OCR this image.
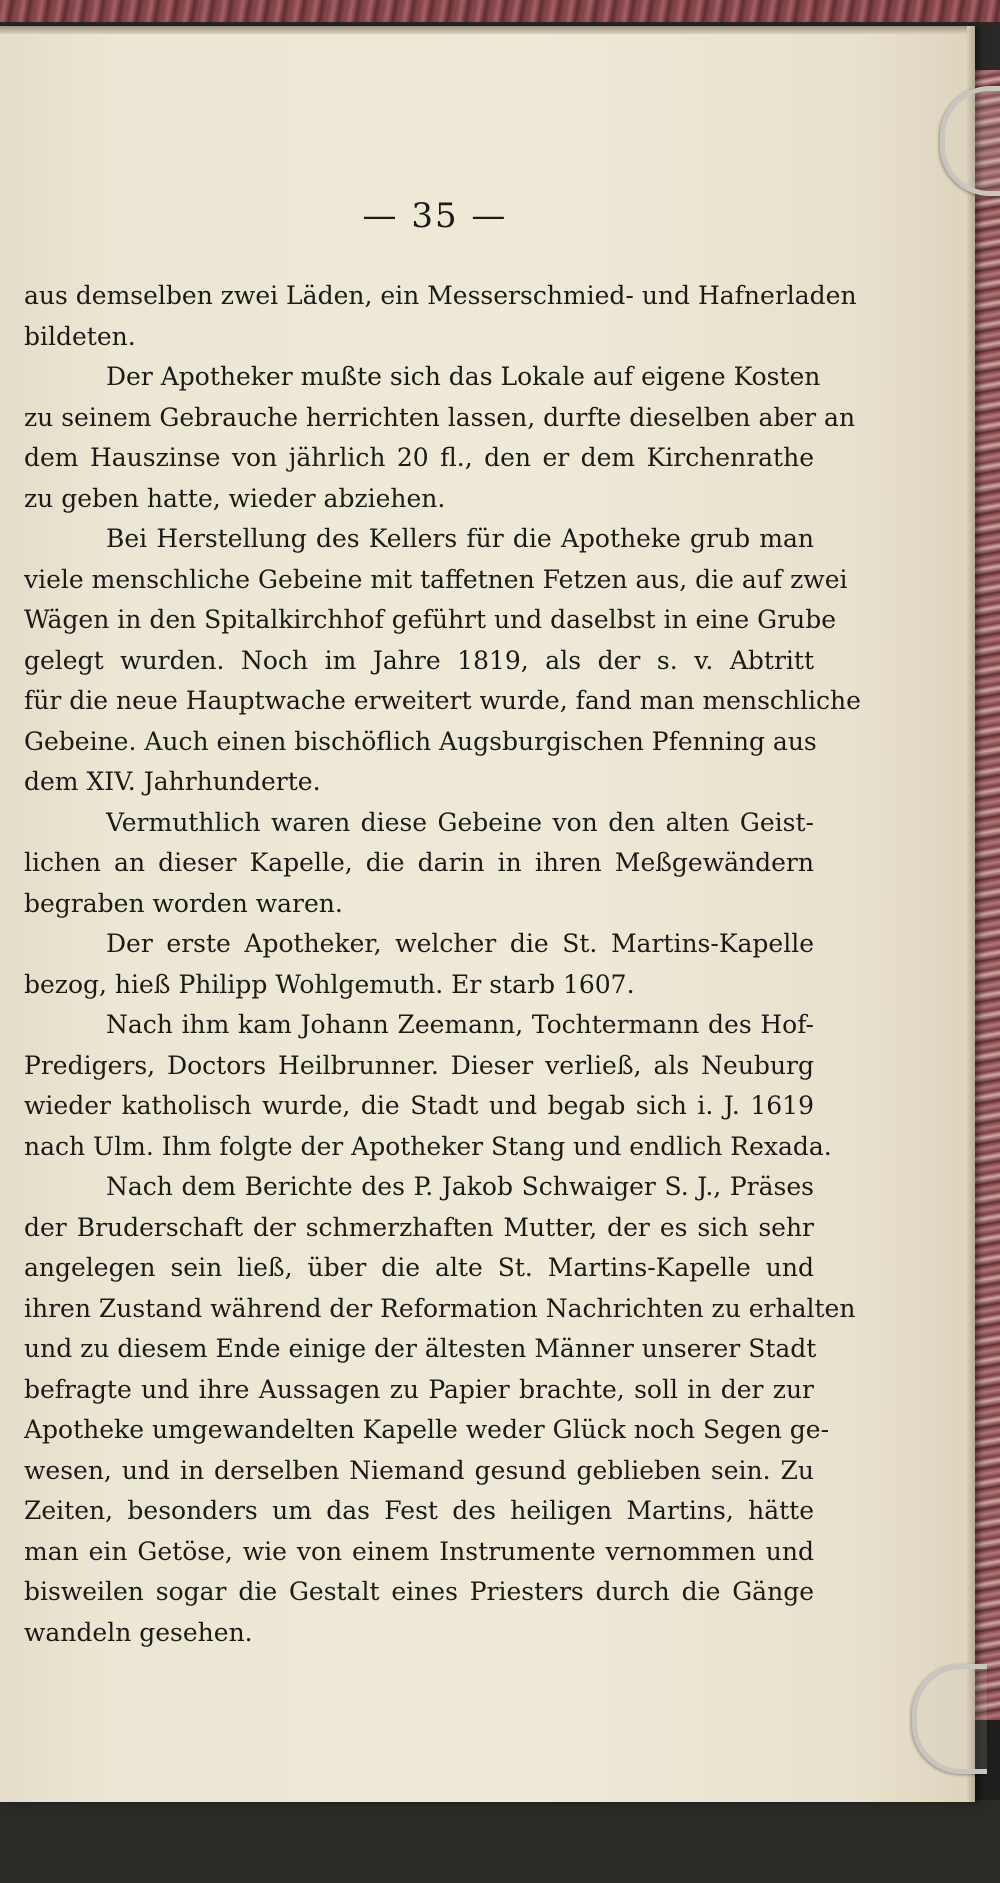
— 35 —
aus demselben zwei Läden, ein Messerschmied- und Hafnerladen
bildeten.
Der Apotheker mußte sich das Lokale auf eigene Kosten
zu seinem Gebrauche herrichten lassen, durfte dieselben aber an
dem Hauszinse von jährlich 20 fl., den er dem Kirchenrathe
zu geben hatte, wieder abziehen.
Bei Herstellung des Kellers für die Apotheke grub man
viele menschliche Gebeine mit taffetnen Fetzen aus, die auf zwei
Wägen in den Spitalkirchhof geführt und daselbst in eine Grube
gelegt wurden. Noch im Jahre 1819, als der s. v. Abtritt
für die neue Hauptwache erweitert wurde, fand man menschliche
Gebeine. Auch einen bischöflich Augsburgischen Pfenning aus
dem XIV. Jahrhunderte.
Vermuthlich waren diese Gebeine von den alten Geist-
lichen an dieser Kapelle, die darin in ihren Meßgewändern
begraben worden waren.
Der erste Apotheker, welcher die St. Martins-Kapelle
bezog, hieß Philipp Wohlgemuth. Er starb 1607.
Nach ihm kam Johann Zeemann, Tochtermann des Hof-
Predigers, Doctors Heilbrunner. Dieser verließ, als Neuburg
wieder katholisch wurde, die Stadt und begab sich i. J. 1619
nach Ulm. Ihm folgte der Apotheker Stang und endlich Rexada.
Nach dem Berichte des P. Jakob Schwaiger S. J., Präses
der Bruderschaft der schmerzhaften Mutter, der es sich sehr
angelegen sein ließ, über die alte St. Martins-Kapelle und
ihren Zustand während der Reformation Nachrichten zu erhalten
und zu diesem Ende einige der ältesten Männer unserer Stadt
befragte und ihre Aussagen zu Papier brachte, soll in der zur
Apotheke umgewandelten Kapelle weder Glück noch Segen ge-
wesen, und in derselben Niemand gesund geblieben sein. Zu
Zeiten, besonders um das Fest des heiligen Martins, hätte
man ein Getöse, wie von einem Instrumente vernommen und
bisweilen sogar die Gestalt eines Priesters durch die Gänge
wandeln gesehen.
